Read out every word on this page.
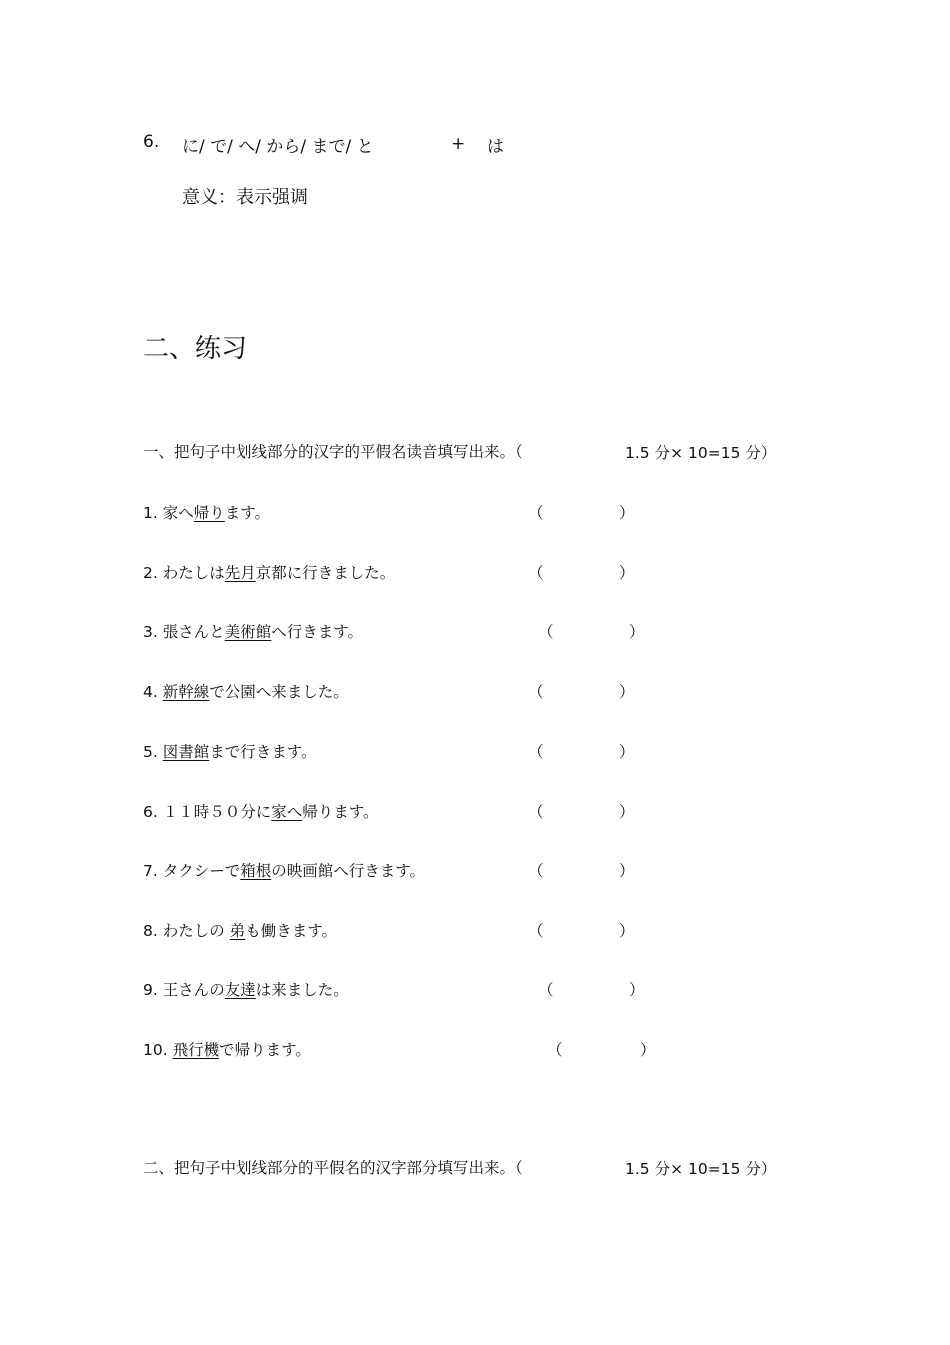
6. に/ で/ へ/ から/ まで/ と	+ は
意义：表示强调
二、练习
一、把句子中划线部分的汉字的平假名读音填写出来。（	1.5 分× 10=15 分）
1. 家へ帰ります。	（	）
2. わたしは先月京都に行きました。	（	）
3. 張さんと美術館へ行きます。	（	）
4. 新幹線で公園へ来ました。	（	）
5. 図書館まで行きます。	（	）
6. １１時５０分に家へ帰ります。	（	）
7. タクシーで箱根の映画館へ行きます。	（	）
8. わたしの 弟も働きます。	（	）
9. 王さんの友達は来ました。	（	）
10. 飛行機で帰ります。	（	）
二、把句子中划线部分的平假名的汉字部分填写出来。（	1.5 分× 10=15 分）
